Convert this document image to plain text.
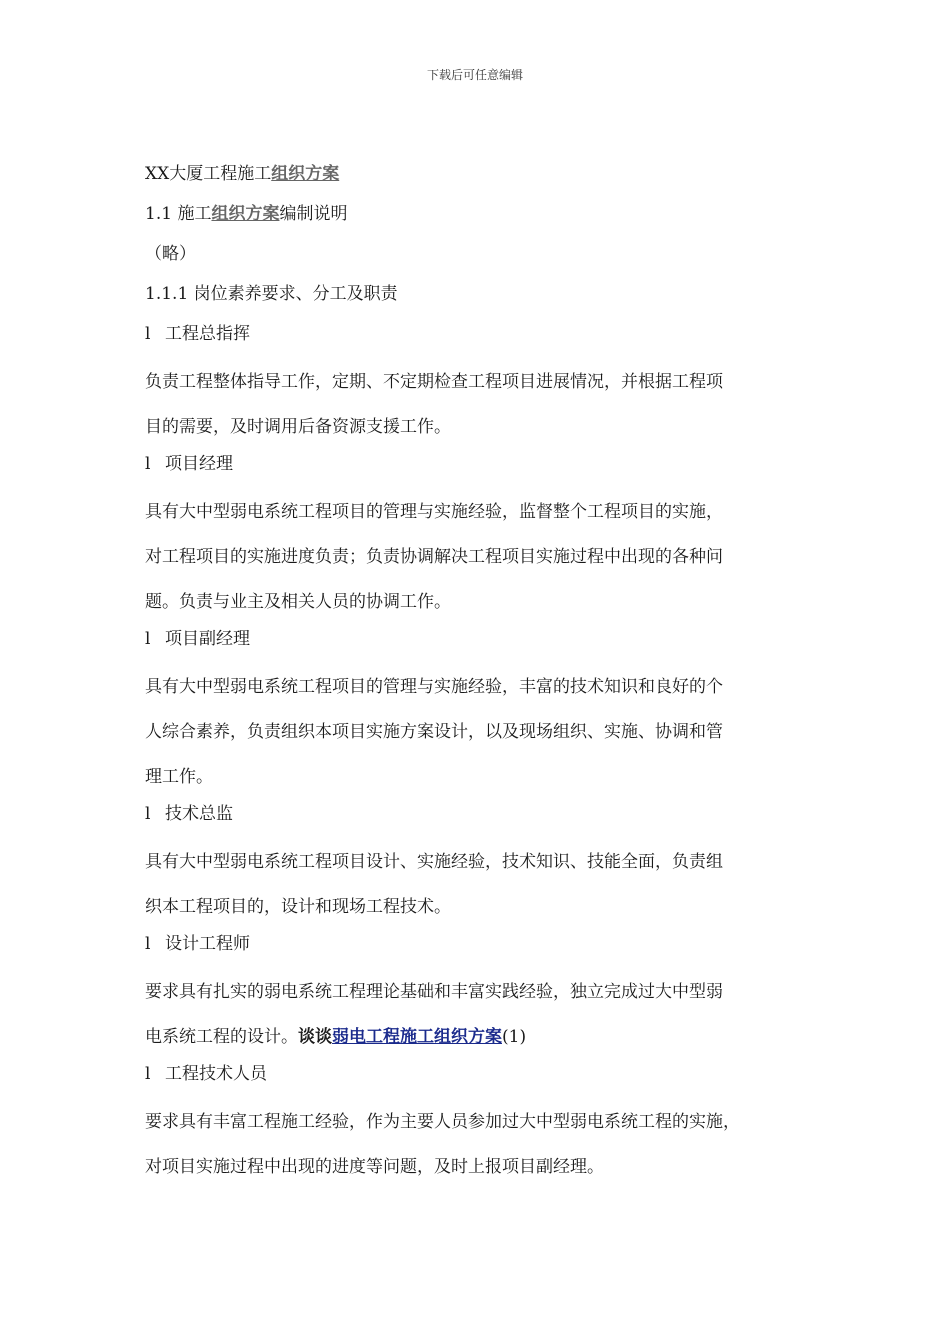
下载后可任意编辑
XX大厦工程施工组织方案
1.1 施工组织方案编制说明
（略）
1.1.1 岗位素养要求、分工及职责
l 工程总指挥
负责工程整体指导工作，定期、不定期检查工程项目进展情况，并根据工程项
目的需要，及时调用后备资源支援工作。
l 项目经理
具有大中型弱电系统工程项目的管理与实施经验，监督整个工程项目的实施，
对工程项目的实施进度负责；负责协调解决工程项目实施过程中出现的各种问
题。负责与业主及相关人员的协调工作。
l 项目副经理
具有大中型弱电系统工程项目的管理与实施经验，丰富的技术知识和良好的个
人综合素养，负责组织本项目实施方案设计，以及现场组织、实施、协调和管
理工作。
l 技术总监
具有大中型弱电系统工程项目设计、实施经验，技术知识、技能全面，负责组
织本工程项目的，设计和现场工程技术。
l 设计工程师
要求具有扎实的弱电系统工程理论基础和丰富实践经验，独立完成过大中型弱
电系统工程的设计。谈谈弱电工程施工组织方案(1)
l 工程技术人员
要求具有丰富工程施工经验，作为主要人员参加过大中型弱电系统工程的实施，
对项目实施过程中出现的进度等问题，及时上报项目副经理。
